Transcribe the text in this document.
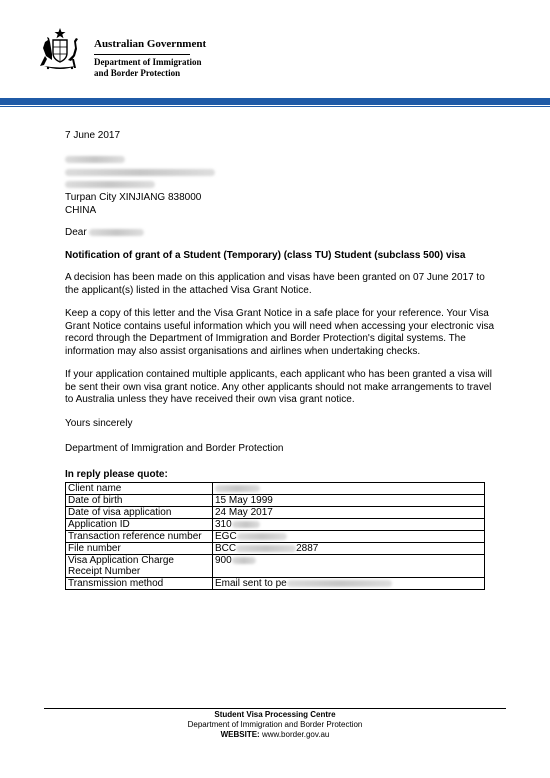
Australian Government
Department of Immigration
and Border Protection

7 June 2017

Turpan City XINJIANG 838000
CHINA

Dear

Notification of grant of a Student (Temporary) (class TU) Student (subclass 500) visa

A decision has been made on this application and visas have been granted on 07 June 2017 to the applicant(s) listed in the attached Visa Grant Notice.

Keep a copy of this letter and the Visa Grant Notice in a safe place for your reference. Your Visa Grant Notice contains useful information which you will need when accessing your electronic visa record through the Department of Immigration and Border Protection's digital systems. The information may also assist organisations and airlines when undertaking checks.

If your application contained multiple applicants, each applicant who has been granted a visa will be sent their own visa grant notice. Any other applicants should not make arrangements to travel to Australia unless they have received their own visa grant notice.

Yours sincerely

Department of Immigration and Border Protection

In reply please quote:
Client name	
Date of birth	15 May 1999
Date of visa application	24 May 2017
Application ID	310
Transaction reference number	EGC
File number	BCC 2887
Visa Application Charge Receipt Number	900
Transmission method	Email sent to pe
Student Visa Processing Centre
Department of Immigration and Border Protection
WEBSITE: www.border.gov.au
